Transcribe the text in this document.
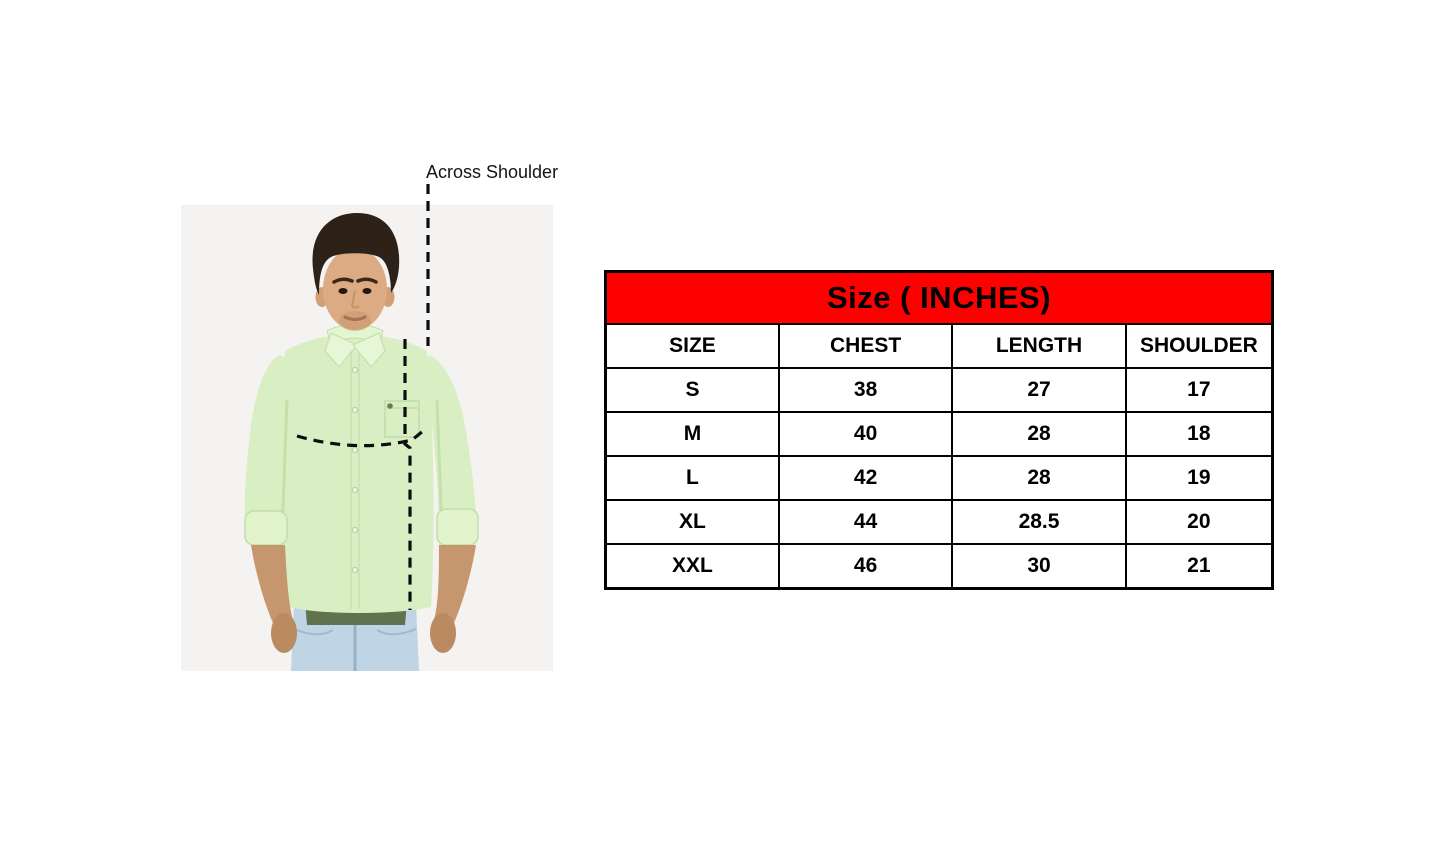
Across Shoulder
Size ( INCHES)			
SIZE	CHEST	LENGTH	SHOULDER
S	38	27	17
M	40	28	18
L	42	28	19
XL	44	28.5	20
XXL	46	30	21
